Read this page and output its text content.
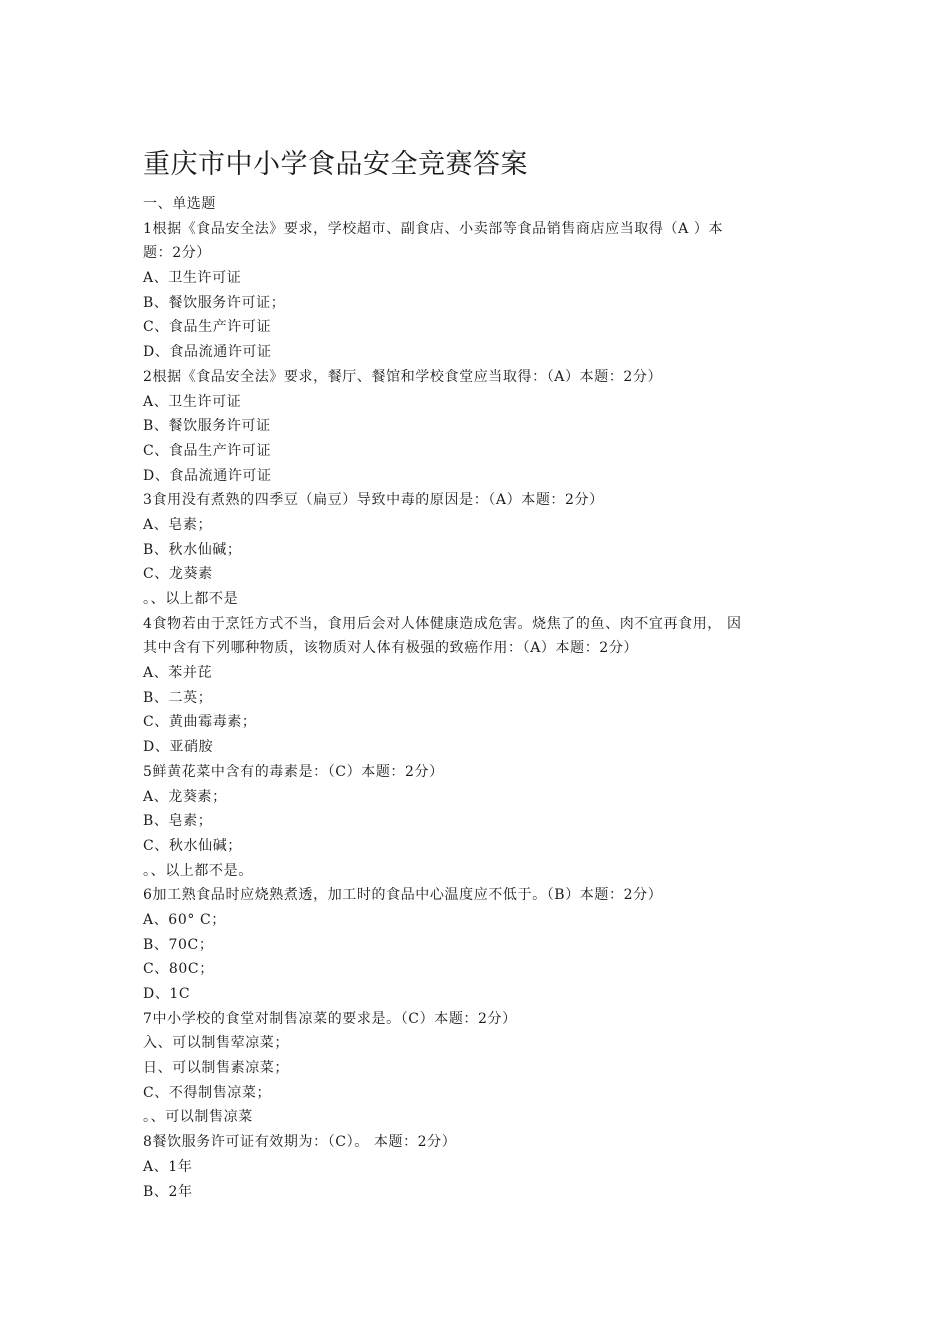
重庆市中小学食品安全竞赛答案
一、单选题
1根据《食品安全法》要求，学校超市、副食店、小卖部等食品销售商店应当取得（A ）本
题：2分）
A、卫生许可证
B、餐饮服务许可证；
C、食品生产许可证
D、食品流通许可证
2根据《食品安全法》要求，餐厅、餐馆和学校食堂应当取得：（A）本题：2分）
A、卫生许可证
B、餐饮服务许可证
C、食品生产许可证
D、食品流通许可证
3食用没有煮熟的四季豆（扁豆）导致中毒的原因是：（A）本题：2分）
A、皂素；
B、秋水仙碱；
C、龙葵素
。、以上都不是
4食物若由于烹饪方式不当，食用后会对人体健康造成危害。烧焦了的鱼、肉不宜再食用， 因
其中含有下列哪种物质，该物质对人体有极强的致癌作用：（A）本题：2分）
A、苯并芘
B、二英；
C、黄曲霉毒素；
D、亚硝胺
5鲜黄花菜中含有的毒素是：（C）本题：2分）
A、龙葵素；
B、皂素；
C、秋水仙碱；
。、以上都不是。
6加工熟食品时应烧熟煮透，加工时的食品中心温度应不低于。（B）本题：2分）
A、60° C；
B、70C；
C、80C；
D、1C
7中小学校的食堂对制售凉菜的要求是。（C）本题：2分）
入、可以制售荤凉菜；
日、可以制售素凉菜；
C、不得制售凉菜；
。、可以制售凉菜
8餐饮服务许可证有效期为：（C）。 本题：2分）
A、1年
B、2年
